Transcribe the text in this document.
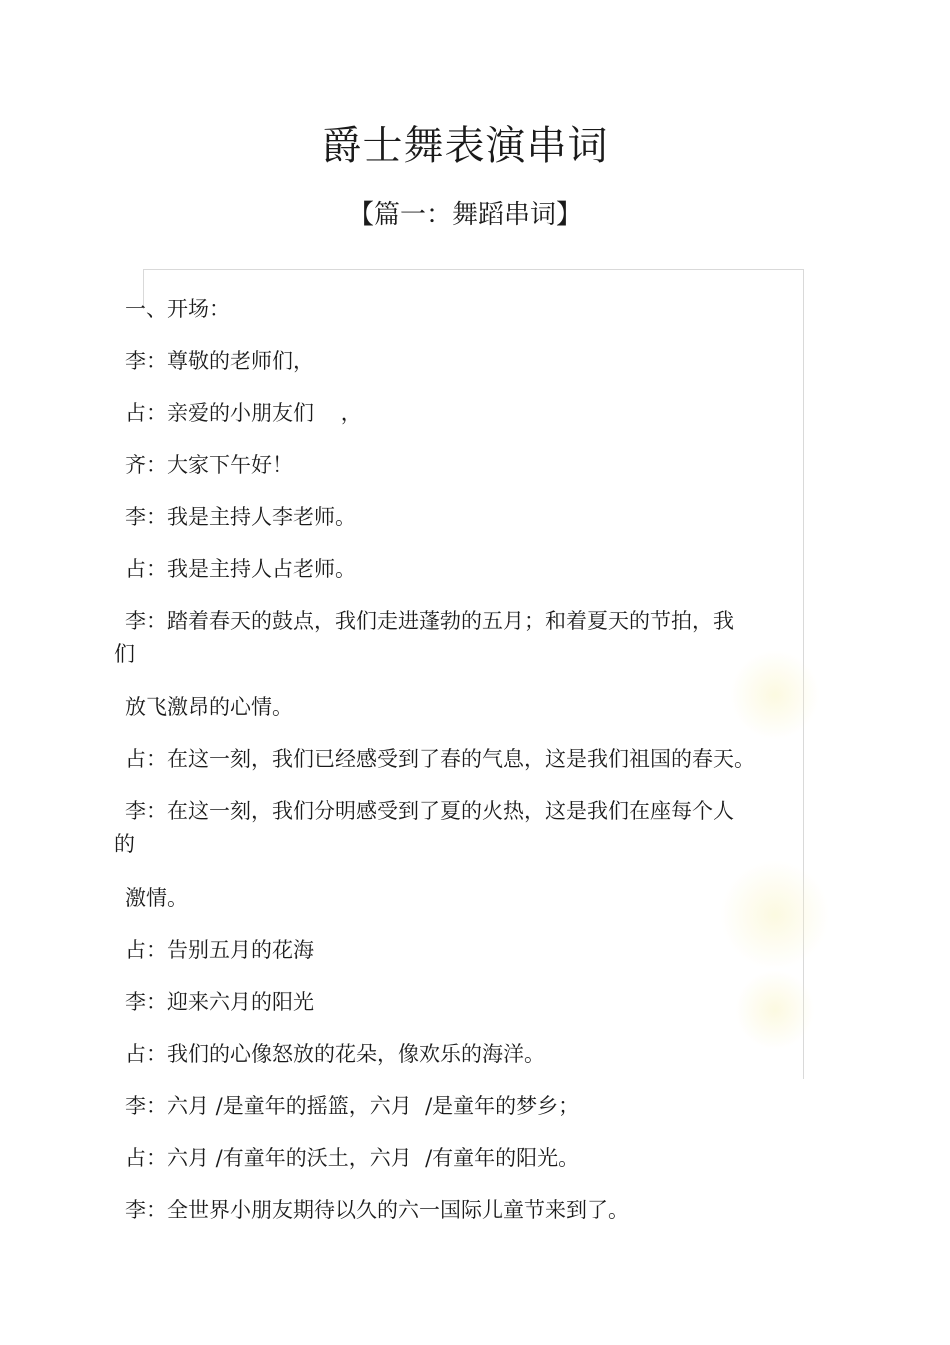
爵士舞表演串词
【篇一：舞蹈串词】
一、开场：
李：尊敬的老师们，
占：亲爱的小朋友们    ，
齐：大家下午好！
李：我是主持人李老师。
占：我是主持人占老师。
李：踏着春天的鼓点，我们走进蓬勃的五月；和着夏天的节拍，我
们
放飞激昂的心情。
占：在这一刻，我们已经感受到了春的气息，这是我们祖国的春天。
李：在这一刻，我们分明感受到了夏的火热，这是我们在座每个人
的
激情。
占：告别五月的花海
李：迎来六月的阳光
占：我们的心像怒放的花朵，像欢乐的海洋。
李：六月 /是童年的摇篮，六月  /是童年的梦乡；
占：六月 /有童年的沃土，六月  /有童年的阳光。
李：全世界小朋友期待以久的六一国际儿童节来到了。
